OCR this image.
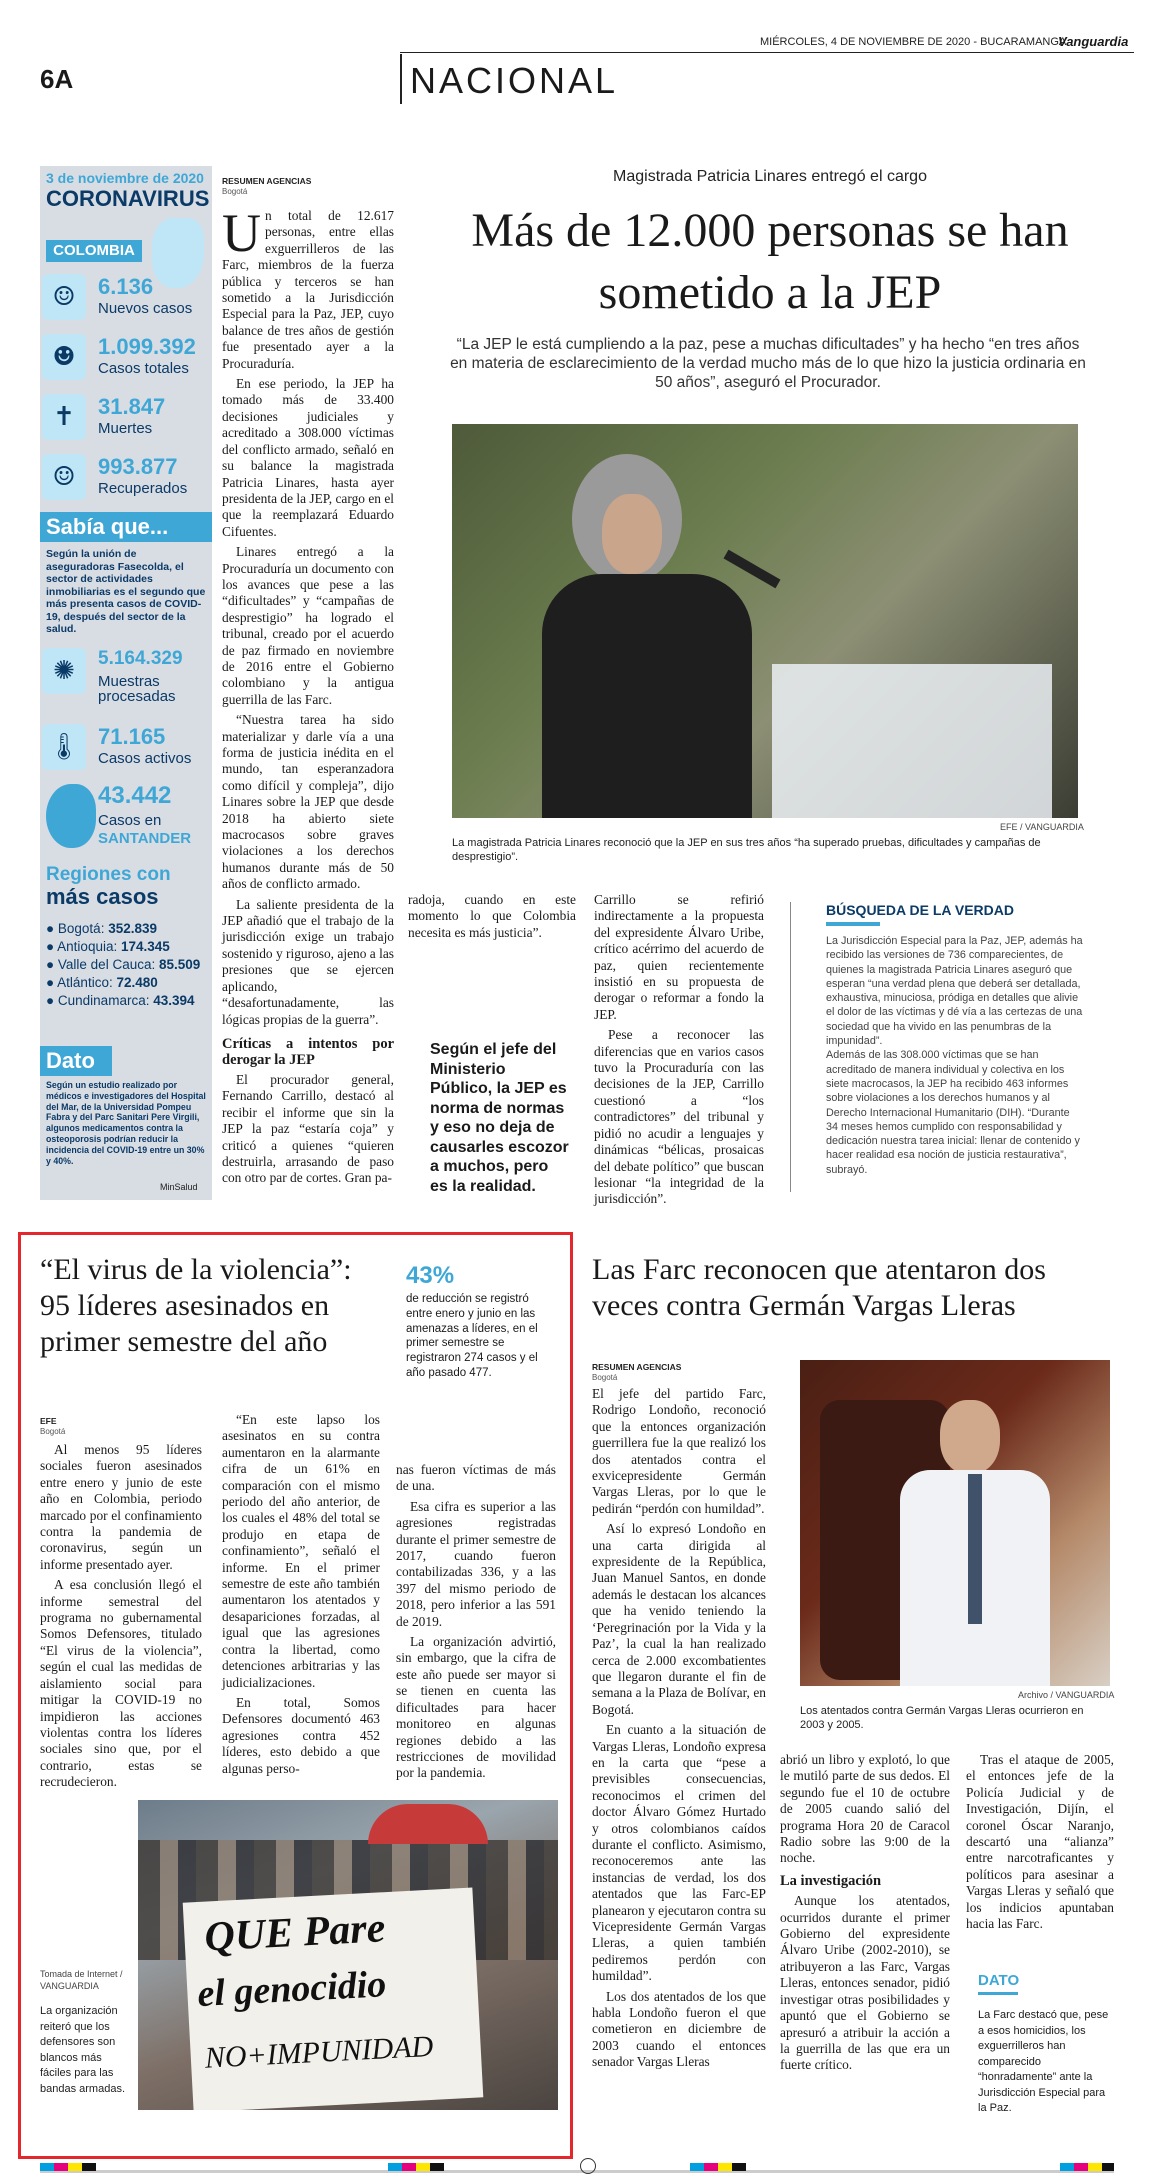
6A	NACIONAL
MIÉRCOLES, 4 DE NOVIEMBRE DE 2020 - BUCARAMANGA
Vanguardia
3 de noviembre de 2020
CORONAVIRUS
COLOMBIA
☺	6.136
Nuevos casos
☻	1.099.392
Casos totales
✝	31.847
Muertes
☺	993.877
Recuperados
Sabía que...
Según la unión de aseguradoras Fasecolda, el sector de actividades inmobiliarias es el segundo que más presenta casos de COVID-19, después del sector de la salud.
✺	5.164.329
Muestras procesadas
🌡 71.165
Casos activos
43.442
Casos en
SANTANDER
Regiones con
más casos
● Bogotá: 352.839
● Antioquia: 174.345
● Valle del Cauca: 85.509
● Atlántico: 72.480
● Cundinamarca: 43.394
Dato
Según un estudio realizado por médicos e investigadores del Hospital del Mar, de la Universidad Pompeu Fabra y del Parc Sanitari Pere Virgili, algunos medicamentos contra la osteoporosis podrían reducir la incidencia del COVID-19 entre un 30% y 40%.
MinSalud
RESUMEN AGENCIAS
Bogotá
Magistrada Patricia Linares entregó el cargo
Más de 12.000 personas se han sometido a la JEP
“La JEP le está cumpliendo a la paz, pese a muchas dificultades” y ha hecho “en tres años en materia de esclarecimiento de la verdad mucho más de lo que hizo la justicia ordinaria en 50 años”, aseguró el Procurador.
EFE / VANGUARDIA
La magistrada Patricia Linares reconoció que la JEP en sus tres años “ha superado pruebas, dificultades y campañas de desprestigio”.

Un total de 12.617 personas, entre ellas exguerrilleros de las Farc, miembros de la fuerza pública y terceros se han sometido a la Jurisdicción Especial para la Paz, JEP, cuyo balance de tres años de gestión fue presentado ayer a la Procuraduría.

En ese periodo, la JEP ha tomado más de 33.400 decisiones judiciales y acreditado a 308.000 víctimas del conflicto armado, señaló en su balance la magistrada Patricia Linares, hasta ayer presidenta de la JEP, cargo en el que la reemplazará Eduardo Cifuentes.

Linares entregó a la Procuraduría un documento con los avances que pese a las “dificultades” y “campañas de desprestigio” ha logrado el tribunal, creado por el acuerdo de paz firmado en noviembre de 2016 entre el Gobierno colombiano y la antigua guerrilla de las Farc.

“Nuestra tarea ha sido materializar y darle vía a una forma de justicia inédita en el mundo, tan esperanzadora como difícil y compleja”, dijo Linares sobre la JEP que desde 2018 ha abierto siete macrocasos sobre graves violaciones a los derechos humanos durante más de 50 años de conflicto armado.

La saliente presidenta de la JEP añadió que el trabajo de la jurisdicción exige un trabajo sostenido y riguroso, ajeno a las presiones que se ejercen aplicando, “desafortunadamente, las lógicas propias de la guerra”.

Críticas a intentos por derogar la JEP

El procurador general, Fernando Carrillo, destacó al recibir el informe que sin la JEP la paz “estaría coja” y criticó a quienes “quieren destruirla, arrasando de paso con otro par de cortes. Gran pa-

radoja, cuando en este momento lo que Colombia necesita es más justicia”.

Según el jefe del Ministerio Público, la JEP es norma de normas y eso no deja de causarles escozor a muchos, pero es la realidad.

Carrillo se refirió indirectamente a la propuesta del expresidente Álvaro Uribe, crítico acérrimo del acuerdo de paz, quien recientemente insistió en su propuesta de derogar o reformar a fondo la JEP.

Pese a reconocer las diferencias que en varios casos tuvo la Procuraduría con las decisiones de la JEP, Carrillo cuestionó a “los contradictores” del tribunal y pidió no acudir a lenguajes y dinámicas “bélicas, prosaicas del debate político” que buscan lesionar “la integridad de la jurisdicción”.

BÚSQUEDA DE LA VERDAD
La Jurisdicción Especial para la Paz, JEP, además ha recibido las versiones de 736 comparecientes, de quienes la magistrada Patricia Linares aseguró que esperan “una verdad plena que deberá ser detallada, exhaustiva, minuciosa, pródiga en detalles que alivie el dolor de las víctimas y dé vía a las certezas de una sociedad que ha vivido en las penumbras de la impunidad”.
Además de las 308.000 víctimas que se han acreditado de manera individual y colectiva en los siete macrocasos, la JEP ha recibido 463 informes sobre violaciones a los derechos humanos y al Derecho Internacional Humanitario (DIH). “Durante 34 meses hemos cumplido con responsabilidad y dedicación nuestra tarea inicial: llenar de contenido y hacer realidad esa noción de justicia restaurativa”, subrayó.
“El virus de la violencia”: 95 líderes asesinados en primer semestre del año
43%
de reducción se registró entre enero y junio en las amenazas a líderes, en el primer semestre se registraron 274 casos y el año pasado 477.
EFE
Bogotá

Al menos 95 líderes sociales fueron asesinados entre enero y junio de este año en Colombia, periodo marcado por el confinamiento contra la pandemia de coronavirus, según un informe presentado ayer.

A esa conclusión llegó el informe semestral del programa no gubernamental Somos Defensores, titulado “El virus de la violencia”, según el cual las medidas de aislamiento social para mitigar la COVID-19 no impidieron las acciones violentas contra los líderes sociales sino que, por el contrario, estas se recrudecieron.

“En este lapso los asesinatos en su contra aumentaron en la alarmante cifra de un 61% en comparación con el mismo periodo del año anterior, de los cuales el 48% del total se produjo en etapa de confinamiento”, señaló el informe. En el primer semestre de este año también aumentaron los atentados y desapariciones forzadas, al igual que las agresiones contra la libertad, como detenciones arbitrarias y las judicializaciones.

En total, Somos Defensores documentó 463 agresiones contra 452 líderes, esto debido a que algunas perso-

nas fueron víctimas de más de una.

Esa cifra es superior a las agresiones registradas durante el primer semestre de 2017, cuando fueron contabilizadas 336, y a las 397 del mismo periodo de 2018, pero inferior a las 591 de 2019.

La organización advirtió, sin embargo, que la cifra de este año puede ser mayor si se tienen en cuenta las dificultades para hacer monitoreo en algunas regiones debido a las restricciones de movilidad por la pandemia.

QUE Pare
el genocidio
NO+IMPUNIDAD
Tomada de Internet / VANGUARDIA
La organización reiteró que los defensores son blancos más fáciles para las bandas armadas.
Las Farc reconocen que atentaron dos veces contra Germán Vargas Lleras
RESUMEN AGENCIAS
Bogotá

El jefe del partido Farc, Rodrigo Londoño, reconoció que la entonces organización guerrillera fue la que realizó los dos atentados contra el exvicepresidente Germán Vargas Lleras, por lo que le pedirán “perdón con humildad”.

Así lo expresó Londoño en una carta dirigida al expresidente de la República, Juan Manuel Santos, en donde además le destacan los alcances que ha venido teniendo la ‘Peregrinación por la Vida y la Paz’, la cual la han realizado cerca de 2.000 excombatientes que llegaron durante el fin de semana a la Plaza de Bolívar, en Bogotá.

En cuanto a la situación de Vargas Lleras, Londoño expresa en la carta que “pese a previsibles consecuencias, reconocimos el crimen del doctor Álvaro Gómez Hurtado y otros colombianos caídos durante el conflicto. Asimismo, reconoceremos ante las instancias de verdad, los dos atentados que las Farc-EP planearon y ejecutaron contra su Vicepresidente Germán Vargas Lleras, a quien también pediremos perdón con humildad”.

Los dos atentados de los que habla Londoño fueron el que cometieron en diciembre de 2003 cuando el entonces senador Vargas Lleras

Archivo / VANGUARDIA
Los atentados contra Germán Vargas Lleras ocurrieron en 2003 y 2005.

abrió un libro y explotó, lo que le mutiló parte de sus dedos. El segundo fue el 10 de octubre de 2005 cuando salió del programa Hora 20 de Caracol Radio sobre las 9:00 de la noche.

La investigación

Aunque los atentados, ocurridos durante el primer Gobierno del expresidente Álvaro Uribe (2002-2010), se atribuyeron a las Farc, Vargas Lleras, entonces senador, pidió investigar otras posibilidades y apuntó que el Gobierno se apresuró a atribuir la acción a la guerrilla de las que era un fuerte crítico.

Tras el ataque de 2005, el entonces jefe de la Policía Judicial y de Investigación, Dijín, el coronel Óscar Naranjo, descartó una “alianza” entre narcotraficantes y políticos para asesinar a Vargas Lleras y señaló que los indicios apuntaban hacia las Farc.

DATO
La Farc destacó que, pese a esos homicidios, los exguerrilleros han comparecido “honradamente” ante la Jurisdicción Especial para la Paz.
